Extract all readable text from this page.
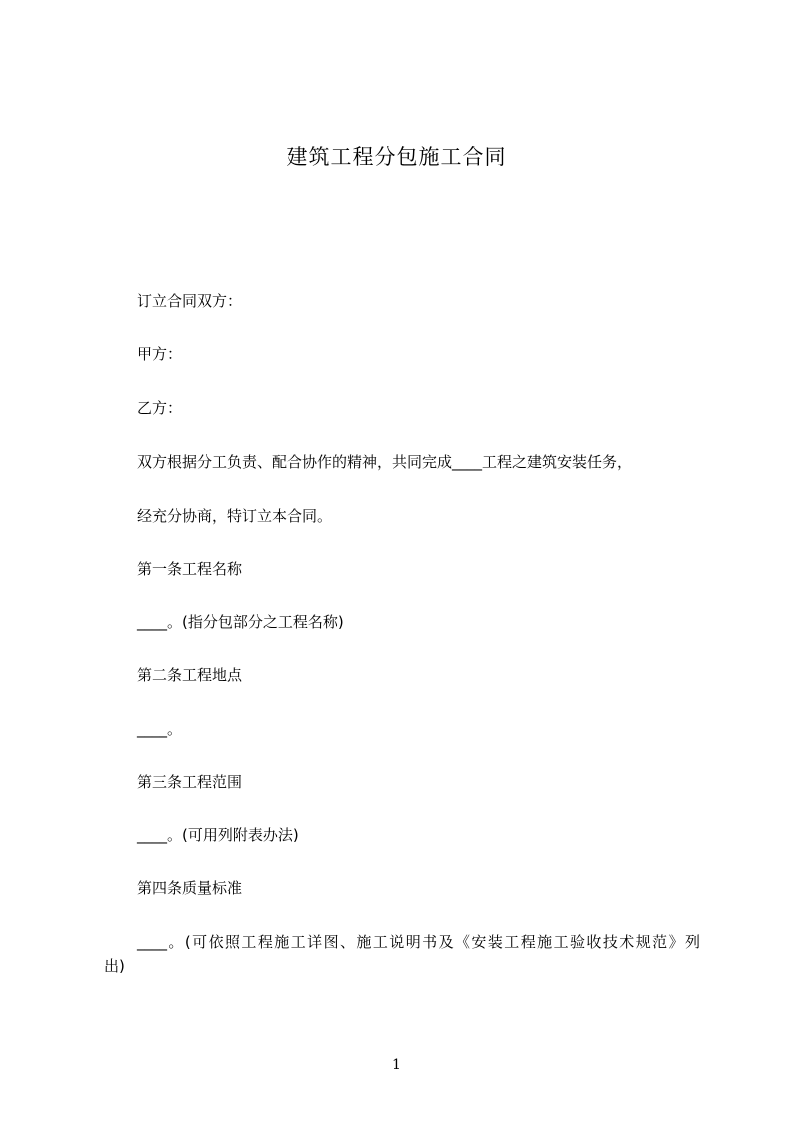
建筑工程分包施工合同
订立合同双方：
甲方：
乙方：
双方根据分工负责、配合协作的精神，共同完成____工程之建筑安装任务，
经充分协商，特订立本合同。
第一条工程名称
____。(指分包部分之工程名称)
第二条工程地点
____。
第三条工程范围
____。(可用列附表办法)
第四条质量标准
____。(可依照工程施工详图、施工说明书及《安装工程施工验收技术规范》列
出)
1
